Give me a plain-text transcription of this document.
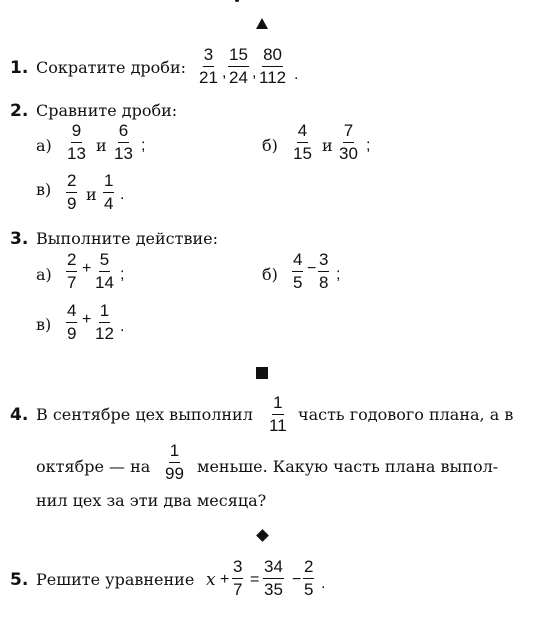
1. Сократите дроби: $\frac{3}{21}$ , $\frac{15}{24}$ , $\frac{80}{112}$ .
2. Сравните дроби:
$а) \frac{9}{13}$ и $\frac{6}{13}$ ;	$б) \frac{4}{15}$ и $\frac{7}{30}$ ;
$в) \frac{2}{9}$ и $\frac{1}{4}$ .
3. Выполните действие:
$а) \frac{2}{7} + \frac{5}{14}$ ;	$б) \frac{4}{5} - \frac{3}{8}$ ;
$в) \frac{4}{9} + \frac{1}{12}$ .
4. В сентябре цех выполнил $\frac{1}{11}$ часть годового плана, а в
октябре — на $\frac{1}{99}$ меньше. Какую часть плана выпол-
нил цех за эти два месяца?
5. Решите уравнение $x + \frac{3}{7} = \frac{34}{35} - \frac{2}{5}$ .
